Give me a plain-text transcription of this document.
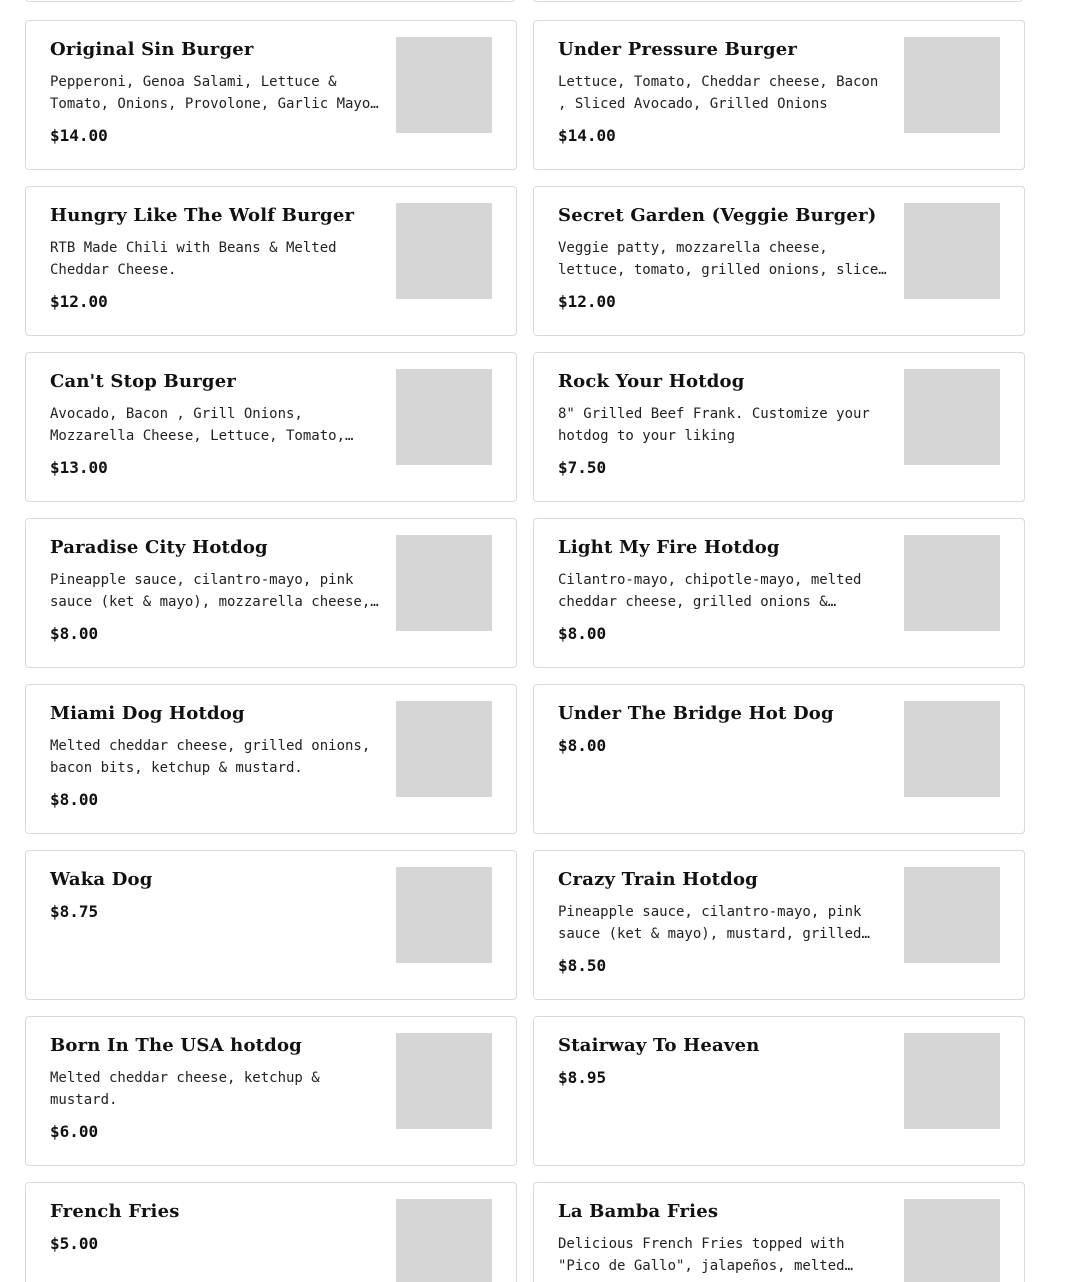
Original Sin Burger
Pepperoni, Genoa Salami, Lettuce & Tomato, Onions, Provolone, Garlic Mayo,
$14.00
Under Pressure Burger
Lettuce, Tomato, Cheddar cheese, Bacon , Sliced Avocado, Grilled Onions
$14.00
Hungry Like The Wolf Burger
RTB Made Chili with Beans & Melted Cheddar Cheese.
$12.00
Secret Garden (Veggie Burger)
Veggie patty, mozzarella cheese, lettuce, tomato, grilled onions, sliced
$12.00
Can't Stop Burger
Avocado, Bacon , Grill Onions, Mozzarella Cheese, Lettuce, Tomato,
$13.00
Rock Your Hotdog
8" Grilled Beef Frank. Customize your hotdog to your liking
$7.50
Paradise City Hotdog
Pineapple sauce, cilantro-mayo, pink sauce (ket & mayo), mozzarella cheese,
$8.00
Light My Fire Hotdog
Cilantro-mayo, chipotle-mayo, melted cheddar cheese, grilled onions &
$8.00
Miami Dog Hotdog
Melted cheddar cheese, grilled onions, bacon bits, ketchup & mustard.
$8.00
Under The Bridge Hot Dog
$8.00
Waka Dog
$8.75
Crazy Train Hotdog
Pineapple sauce, cilantro-mayo, pink sauce (ket & mayo), mustard, grilled
$8.50
Born In The USA hotdog
Melted cheddar cheese, ketchup & mustard.
$6.00
Stairway To Heaven
$8.95
French Fries
$5.00
La Bamba Fries
Delicious French Fries topped with "Pico de Gallo", jalapeños, melted
